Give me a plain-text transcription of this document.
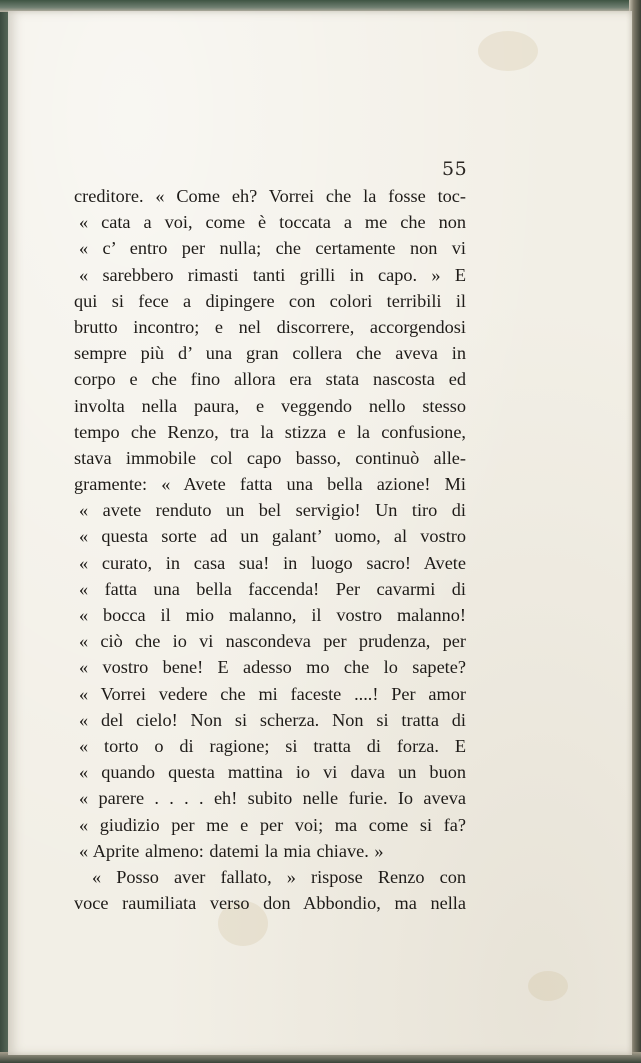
55
creditore. « Come eh? Vorrei che la fosse toc-
« cata a voi, come è toccata a me che non
« c’ entro per nulla; che certamente non vi
« sarebbero rimasti tanti grilli in capo. » E
qui si fece a dipingere con colori terribili il
brutto incontro; e nel discorrere, accorgendosi
sempre più d’ una gran collera che aveva in
corpo e che fino allora era stata nascosta ed
involta nella paura, e veggendo nello stesso
tempo che Renzo, tra la stizza e la confusione,
stava immobile col capo basso, continuò alle-
gramente: « Avete fatta una bella azione! Mi
« avete renduto un bel servigio! Un tiro di
« questa sorte ad un galant’ uomo, al vostro
« curato, in casa sua! in luogo sacro! Avete
« fatta una bella faccenda! Per cavarmi di
« bocca il mio malanno, il vostro malanno!
« ciò che io vi nascondeva per prudenza, per
« vostro bene! E adesso mo che lo sapete?
« Vorrei vedere che mi faceste ....! Per amor
« del cielo! Non si scherza. Non si tratta di
« torto o di ragione; si tratta di forza. E
« quando questa mattina io vi dava un buon
« parere . . . . eh! subito nelle furie. Io aveva
« giudizio per me e per voi; ma come si fa?
« Aprite almeno: datemi la mia chiave. »
« Posso aver fallato, » rispose Renzo con
voce raumiliata verso don Abbondio, ma nella
